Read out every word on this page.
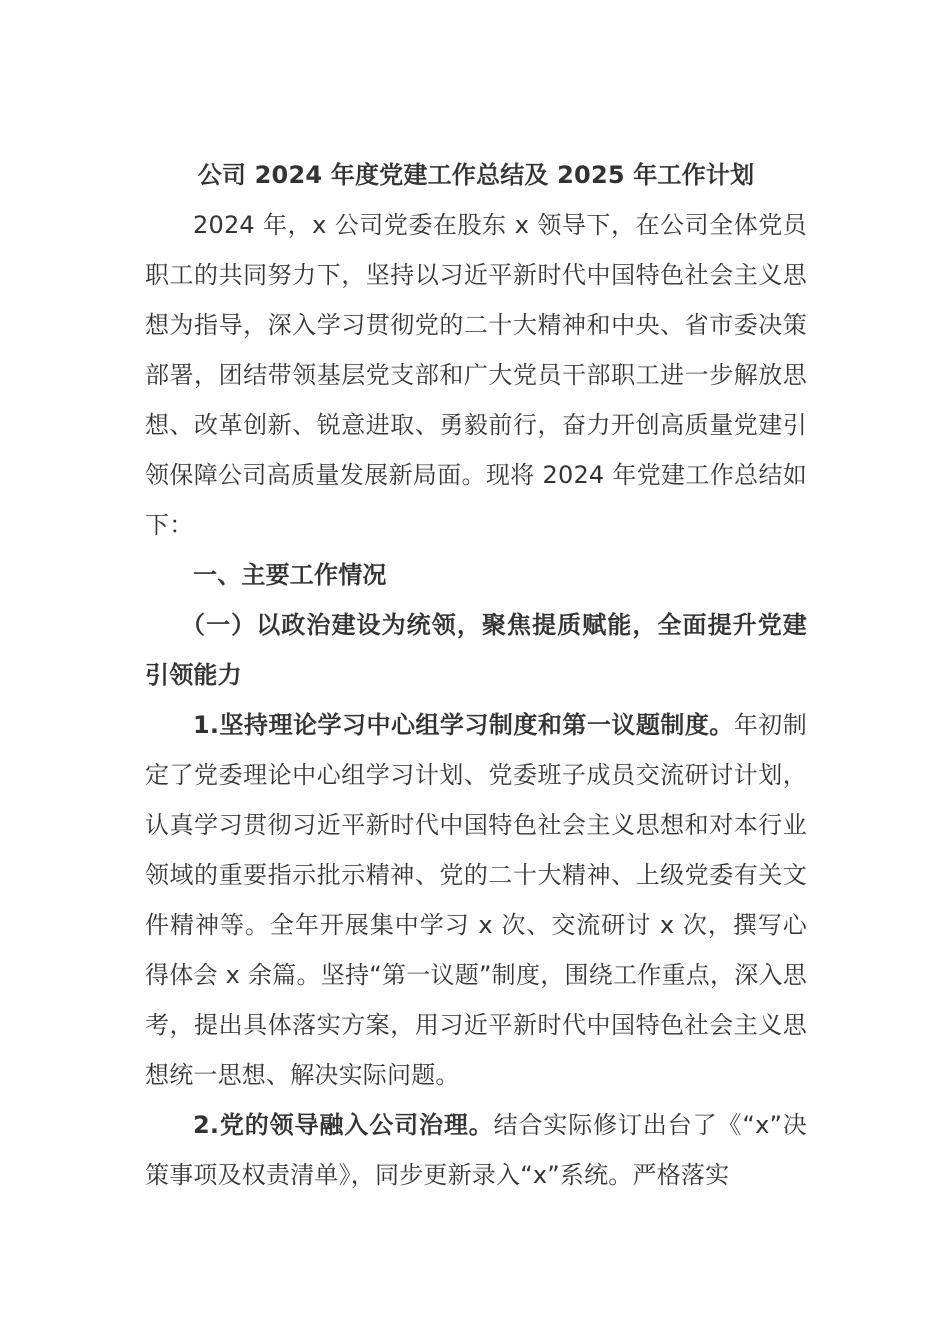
公司 2024 年度党建工作总结及 2025 年工作计划

2024 年，x 公司党委在股东 x 领导下，在公司全体党员职工的共同努力下，坚持以习近平新时代中国特色社会主义思想为指导，深入学习贯彻党的二十大精神和中央、省市委决策部署，团结带领基层党支部和广大党员干部职工进一步解放思想、改革创新、锐意进取、勇毅前行，奋力开创高质量党建引领保障公司高质量发展新局面。现将 2024 年党建工作总结如下：

一、主要工作情况

（一）以政治建设为统领，聚焦提质赋能，全面提升党建引领能力

1.坚持理论学习中心组学习制度和第一议题制度。年初制定了党委理论中心组学习计划、党委班子成员交流研讨计划，认真学习贯彻习近平新时代中国特色社会主义思想和对本行业领域的重要指示批示精神、党的二十大精神、上级党委有关文件精神等。全年开展集中学习 x 次、交流研讨 x 次，撰写心得体会 x 余篇。坚持“第一议题”制度，围绕工作重点，深入思考，提出具体落实方案，用习近平新时代中国特色社会主义思想统一思想、解决实际问题。

2.党的领导融入公司治理。结合实际修订出台了《“x”决策事项及权责清单》，同步更新录入“x”系统。严格落实
